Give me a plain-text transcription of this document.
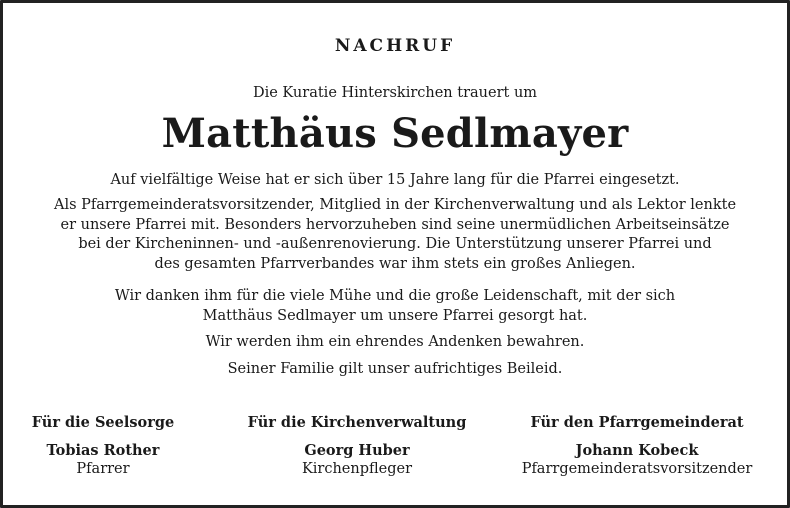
NACHRUF
Die Kuratie Hinterskirchen trauert um
Matthäus Sedlmayer
Auf vielfältige Weise hat er sich über 15 Jahre lang für die Pfarrei eingesetzt.
Als Pfarrgemeinderatsvorsitzender, Mitglied in der Kirchenverwaltung und als Lektor lenkte
er unsere Pfarrei mit. Besonders hervorzuheben sind seine unermüdlichen Arbeitseinsätze
bei der Kircheninnen- und -außenrenovierung. Die Unterstützung unserer Pfarrei und
des gesamten Pfarrverbandes war ihm stets ein großes Anliegen.
Wir danken ihm für die viele Mühe und die große Leidenschaft, mit der sich
Matthäus Sedlmayer um unsere Pfarrei gesorgt hat.
Wir werden ihm ein ehrendes Andenken bewahren.
Seiner Familie gilt unser aufrichtiges Beileid.
Für die Seelsorge
Tobias Rother
Pfarrer
Für die Kirchenverwaltung
Georg Huber
Kirchenpfleger
Für den Pfarrgemeinderat
Johann Kobeck
Pfarrgemeinderatsvorsitzender
